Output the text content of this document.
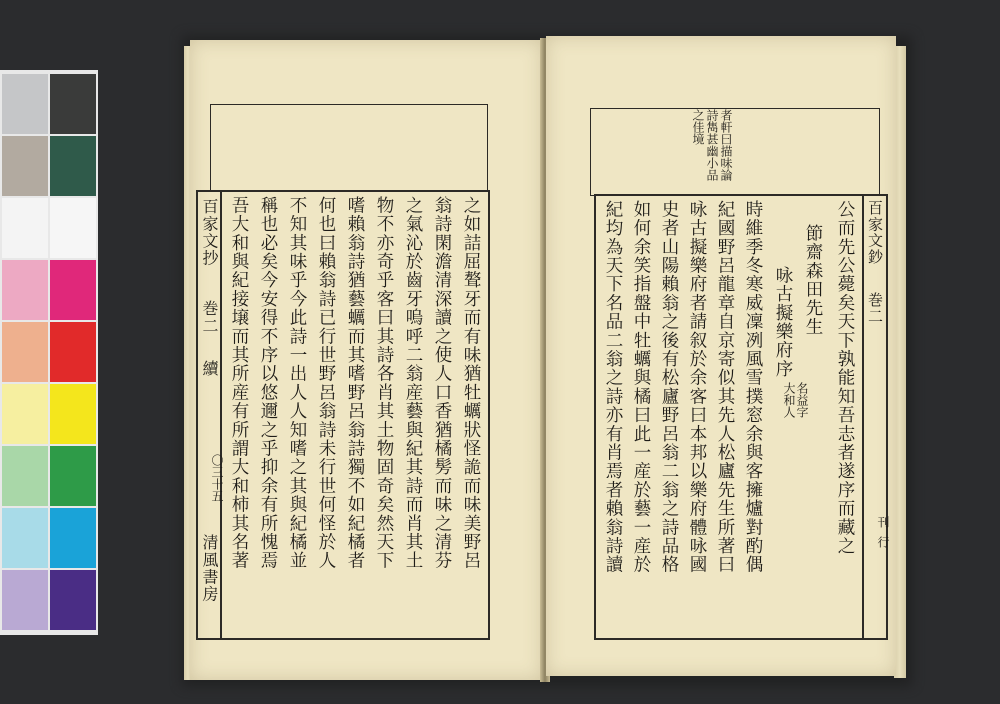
百家文抄
巻二
續
〇三十五
清風書房 吾大和與紀接壌而其所産有所謂大和柿其名著 稱也必矣今安得不序以悠邇之乎抑余有所愧焉 不知其味乎今此詩一出人人知嗜之其與紀橘並 何也曰賴翁詩已行世野呂翁詩未行世何怪於人 嗜賴翁詩猶藝蠣而其嗜野呂翁詩獨不如紀橘者 物不亦奇乎客曰其詩各肖其土物固奇矣然天下 之氣沁於齒牙嗚呼二翁産藝與紀其詩而肖其土 翁詩閑澹清深讀之使人口香猶橘髣而味之清芬 之如詰屈聱牙而有味猶牡蠣狀怪詭而味美野呂
者軒曰描味論
詩雋甚幽小品
之佳境
百家文鈔
巻二
刊
行
紀均為天下名品二翁之詩亦有肖焉者賴翁詩讀 如何余笑指盤中牡蠣與橘曰此一産於藝一産於 史者山陽賴翁之後有松廬野呂翁二翁之詩品格 咏古擬樂府者請叙於余客曰本邦以樂府體咏國 紀國野呂龍章自京寄似其先人松廬先生所著曰 時維季冬寒威凜冽風雪撲窓余與客擁爐對酌偶 咏古擬樂府序 節齋森田先生
名益字
大和人 公而先公薨矣天下孰能知吾志者遂序而藏之
